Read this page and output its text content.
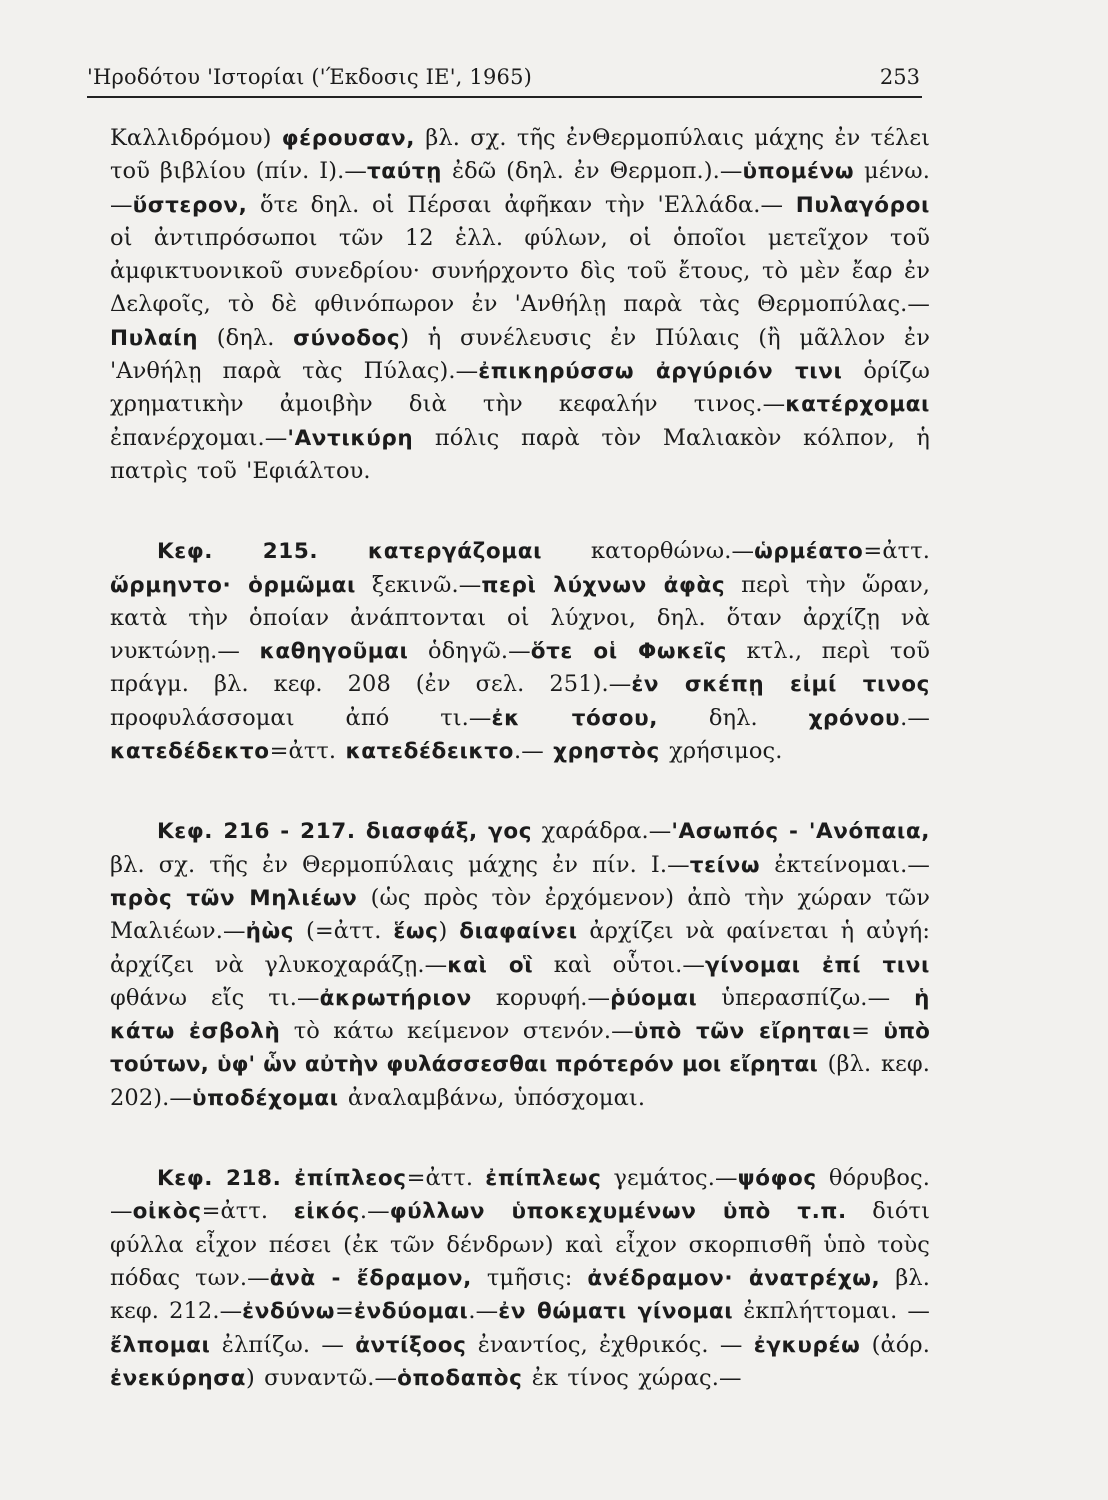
'Ηροδότου 'Ιστορίαι ('Έκδοσις ΙΕ', 1965)	253

Καλλιδρόμου) φέρουσαν, βλ. σχ. τῆς ἐνΘερμοπύλαις μάχης ἐν τέλει τοῦ βιβλίου (πίν. Ι).—ταύτῃ ἐδῶ (δηλ. ἐν Θερμοπ.).—ὑπομένω μένω.—ὕστερον, ὅτε δηλ. οἱ Πέρσαι ἀφῆκαν τὴν 'Ελλάδα.— Πυλαγόροι οἱ ἀντιπρόσωποι τῶν 12 ἑλλ. φύλων, οἱ ὁποῖοι μετεῖχον τοῦ ἀμφικτυονικοῦ συνεδρίου· συνήρχοντο δὶς τοῦ ἔτους, τὸ μὲν ἔαρ ἐν Δελφοῖς, τὸ δὲ φθινόπωρον ἐν 'Ανθήλῃ παρὰ τὰς Θερμοπύλας.—Πυλαίη (δηλ. σύνοδος) ἡ συνέλευσις ἐν Πύλαις (ἢ μᾶλλον ἐν 'Ανθήλῃ παρὰ τὰς Πύλας).—ἐπικηρύσσω ἀργύριόν τινι ὁρίζω χρηματικὴν ἀμοιβὴν διὰ τὴν κεφαλήν τινος.—κατέρχομαι ἐπανέρχομαι.—'Αντικύρη πόλις παρὰ τὸν Μαλιακὸν κόλπον, ἡ πατρὶς τοῦ 'Εφιάλτου.

Κεφ. 215. κατεργάζομαι κατορθώνω.—ὡρμέατο=ἀττ. ὥρμηντο· ὁρμῶμαι ξεκινῶ.—περὶ λύχνων ἀφὰς περὶ τὴν ὥραν, κατὰ τὴν ὁποίαν ἀνάπτονται οἱ λύχνοι, δηλ. ὅταν ἀρχίζῃ νὰ νυκτώνῃ.— καθηγοῦμαι ὁδηγῶ.—ὅτε οἱ Φωκεῖς κτλ., περὶ τοῦ πράγμ. βλ. κεφ. 208 (ἐν σελ. 251).—ἐν σκέπῃ εἰμί τινος προφυλάσσομαι ἀπό τι.—ἐκ τόσου, δηλ. χρόνου.—κατεδέδεκτο=ἀττ. κατεδέδεικτο.— χρηστὸς χρήσιμος.

Κεφ. 216 - 217. διασφάξ, γος χαράδρα.—'Ασωπός - 'Ανόπαια, βλ. σχ. τῆς ἐν Θερμοπύλαις μάχης ἐν πίν. Ι.—τείνω ἐκτείνομαι.— πρὸς τῶν Μηλιέων (ὡς πρὸς τὸν ἐρχόμενον) ἀπὸ τὴν χώραν τῶν Μαλιέων.—ἠὼς (=ἀττ. ἕως) διαφαίνει ἀρχίζει νὰ φαίνεται ἡ αὐγή: ἀρχίζει νὰ γλυκοχαράζῃ.—καὶ οἳ καὶ οὗτοι.—γίνομαι ἐπί τινι φθάνω εἴς τι.—ἀκρωτήριον κορυφή.—ῥύομαι ὑπερασπίζω.— ἡ κάτω ἐσβολὴ τὸ κάτω κείμενον στενόν.—ὑπὸ τῶν εἴρηται= ὑπὸ τούτων, ὑφ' ὧν αὐτὴν φυλάσσεσθαι πρότερόν μοι εἴρηται (βλ. κεφ. 202).—ὑποδέχομαι ἀναλαμβάνω, ὑπόσχομαι.

Κεφ. 218. ἐπίπλεος=ἀττ. ἐπίπλεως γεμάτος.—ψόφος θόρυβος.—οἰκὸς=ἀττ. εἰκός.—φύλλων ὑποκεχυμένων ὑπὸ τ.π. διότι φύλλα εἶχον πέσει (ἐκ τῶν δένδρων) καὶ εἶχον σκορπισθῆ ὑπὸ τοὺς πόδας των.—ἀνὰ - ἔδραμον, τμῆσις: ἀνέδραμον· ἀνατρέχω, βλ. κεφ. 212.—ἐνδύνω=ἐνδύομαι.—ἐν θώματι γίνομαι ἐκπλήττομαι. — ἔλπομαι ἐλπίζω. — ἀντίξοος ἐναντίος, ἐχθρικός. — ἐγκυρέω (ἀόρ. ἐνεκύρησα) συναντῶ.—ὁποδαπὸς ἐκ τίνος χώρας.—
